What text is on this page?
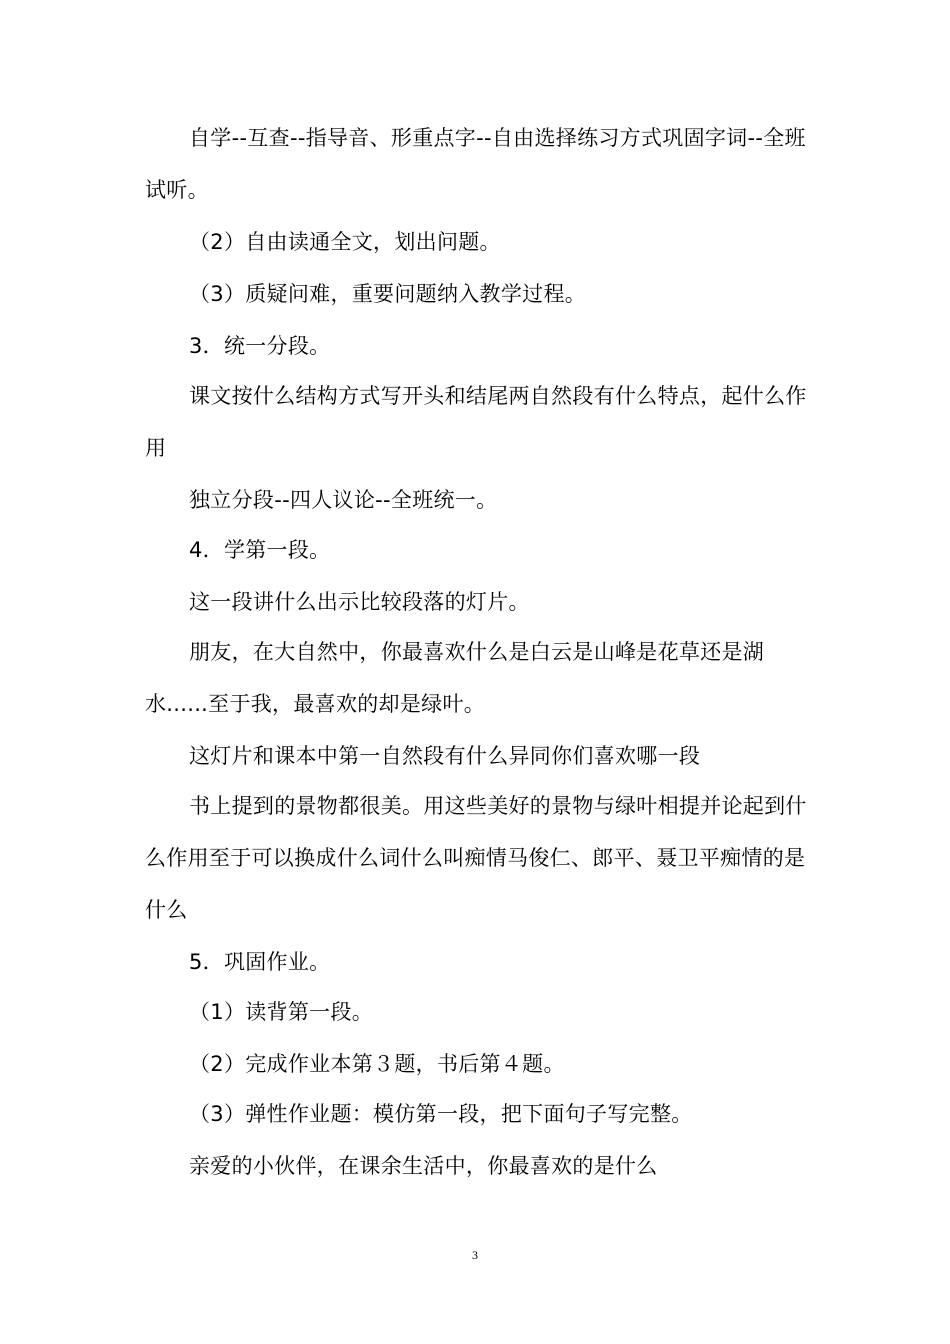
自学--互查--指导音、形重点字--自由选择练习方式巩固字词--全班试听。

（2）自由读通全文，划出问题。

（3）质疑问难，重要问题纳入教学过程。

3．统一分段。

课文按什么结构方式写开头和结尾两自然段有什么特点，起什么作用

独立分段--四人议论--全班统一。

4．学第一段。

这一段讲什么出示比较段落的灯片。

朋友，在大自然中，你最喜欢什么是白云是山峰是花草还是湖水......至于我，最喜欢的却是绿叶。

这灯片和课本中第一自然段有什么异同你们喜欢哪一段

书上提到的景物都很美。用这些美好的景物与绿叶相提并论起到什么作用至于可以换成什么词什么叫痴情马俊仁、郎平、聂卫平痴情的是什么

5．巩固作业。

（1）读背第一段。

（2）完成作业本第３题，书后第４题。

（3）弹性作业题：模仿第一段，把下面句子写完整。

亲爱的小伙伴，在课余生活中，你最喜欢的是什么

3
